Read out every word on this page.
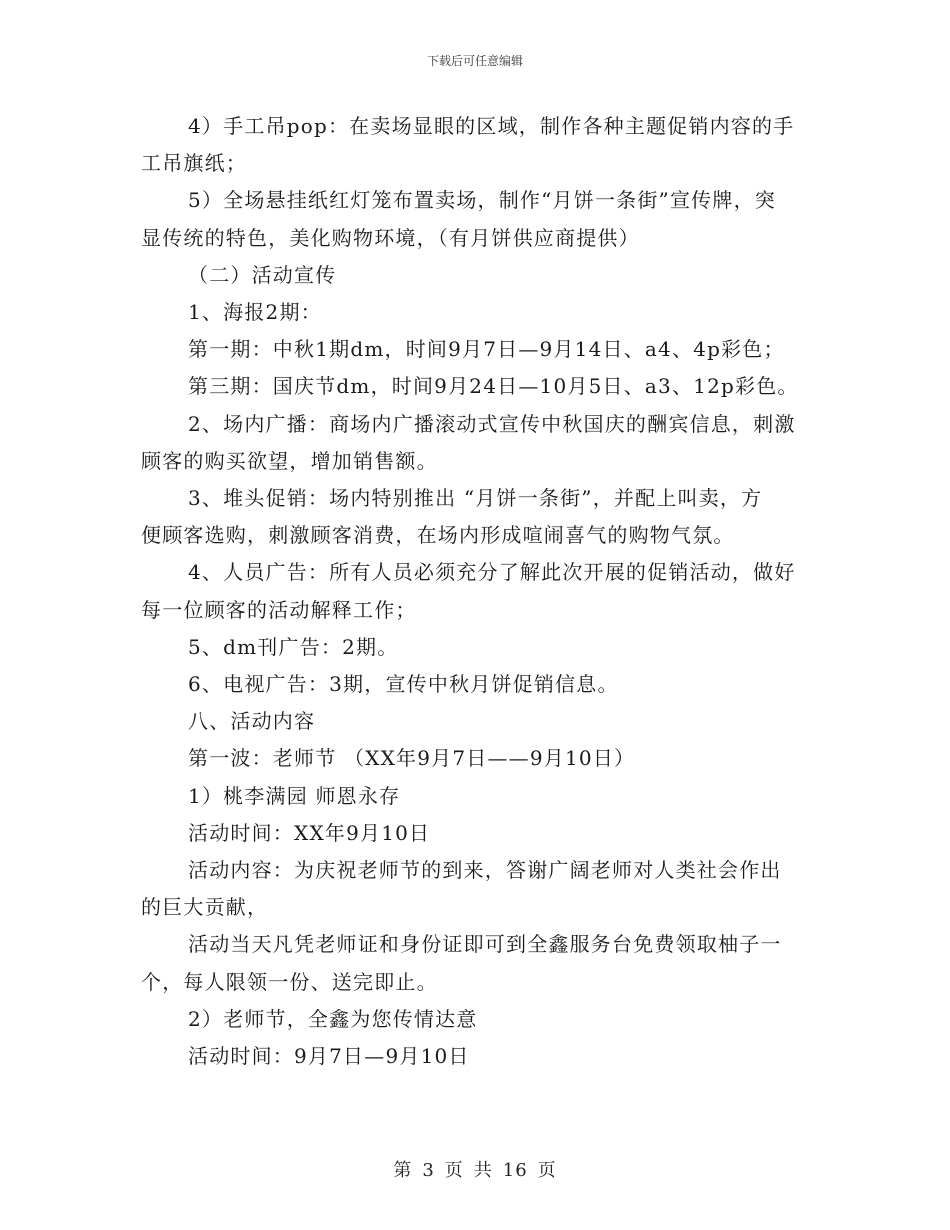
下载后可任意编辑

4）手工吊pop：在卖场显眼的区域，制作各种主题促销内容的手

工吊旗纸；

5）全场悬挂纸红灯笼布置卖场，制作“月饼一条街”宣传牌，突

显传统的特色，美化购物环境，（有月饼供应商提供）

（二）活动宣传

1、海报2期：

第一期：中秋1期dm，时间9月7日—9月14日、a4、4p彩色；

第三期：国庆节dm，时间9月24日—10月5日、a3、12p彩色。

2、场内广播：商场内广播滚动式宣传中秋国庆的酬宾信息，刺激

顾客的购买欲望，增加销售额。

3、堆头促销：场内特别推出 “月饼一条街”，并配上叫卖，方

便顾客选购，刺激顾客消费，在场内形成喧闹喜气的购物气氛。

4、人员广告：所有人员必须充分了解此次开展的促销活动，做好

每一位顾客的活动解释工作；

5、dm刊广告：2期。

6、电视广告：3期，宣传中秋月饼促销信息。

八、活动内容

第一波：老师节 （XX年9月7日——9月10日）

1）桃李满园 师恩永存

活动时间：XX年9月10日

活动内容：为庆祝老师节的到来，答谢广阔老师对人类社会作出

的巨大贡献，

活动当天凡凭老师证和身份证即可到全鑫服务台免费领取柚子一

个，每人限领一份、送完即止。

2）老师节，全鑫为您传情达意

活动时间：9月7日—9月10日

第 3 页 共 16 页
